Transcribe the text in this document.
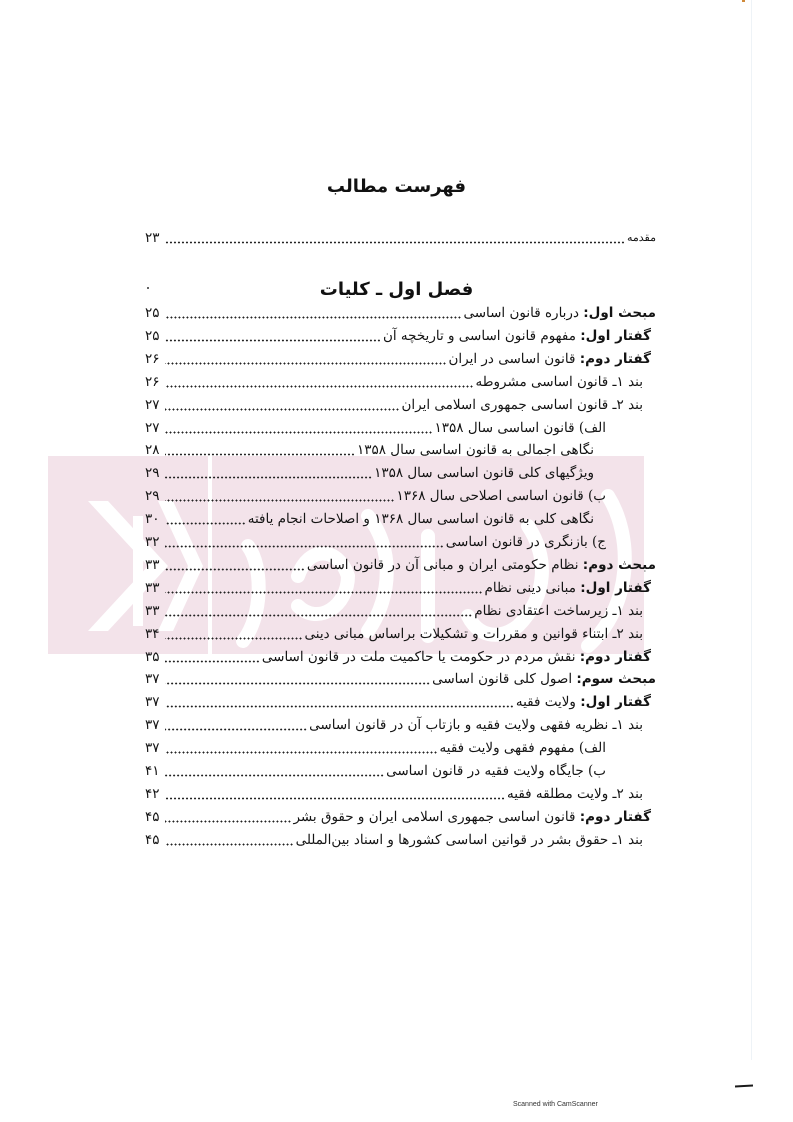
فهرست مطالب
مقدمه
۲۳
فصل اول ـ کلیات
مبحث اول: درباره قانون اساسی
۲۵
گفتار اول: مفهوم قانون اساسی و تاریخچه آن
۲۵
گفتار دوم: قانون اساسی در ایران
۲۶
بند ۱ـ قانون اساسی مشروطه
۲۶
بند ۲ـ قانون اساسی جمهوری اسلامی ایران
۲۷
الف) قانون اساسی سال ۱۳۵۸
۲۷
نگاهی اجمالی به قانون اساسی سال ۱۳۵۸
۲۸
ویژگیهای کلی قانون اساسی سال ۱۳۵۸
۲۹
ب) قانون اساسی اصلاحی سال ۱۳۶۸
۲۹
نگاهی کلی به قانون اساسی سال ۱۳۶۸ و اصلاحات انجام یافته
۳۰
ج) بازنگری در قانون اساسی
۳۲
مبحث دوم: نظام حکومتی ایران و مبانی آن در قانون اساسی
۳۳
گفتار اول: مبانی دینی نظام
۳۳
بند ۱ـ زیرساخت اعتقادی نظام
۳۳
بند ۲ـ ابتناء قوانین و مقررات و تشکیلات براساس مبانی دینی
۳۴
گفتار دوم: نقش مردم در حکومت یا حاکمیت ملت در قانون اساسی
۳۵
مبحث سوم: اصول کلی قانون اساسی
۳۷
گفتار اول: ولایت فقیه
۳۷
بند ۱ـ نظریه فقهی ولایت فقیه و بازتاب آن در قانون اساسی
۳۷
الف) مفهوم فقهی ولایت فقیه
۳۷
ب) جایگاه ولایت فقیه در قانون اساسی
۴۱
بند ۲ـ ولایت مطلقه فقیه
۴۲
گفتار دوم: قانون اساسی جمهوری اسلامی ایران و حقوق بشر
۴۵
بند ۱ـ حقوق بشر در قوانین اساسی کشورها و اسناد بین‌المللی
۴۵
Scanned with CamScanner
